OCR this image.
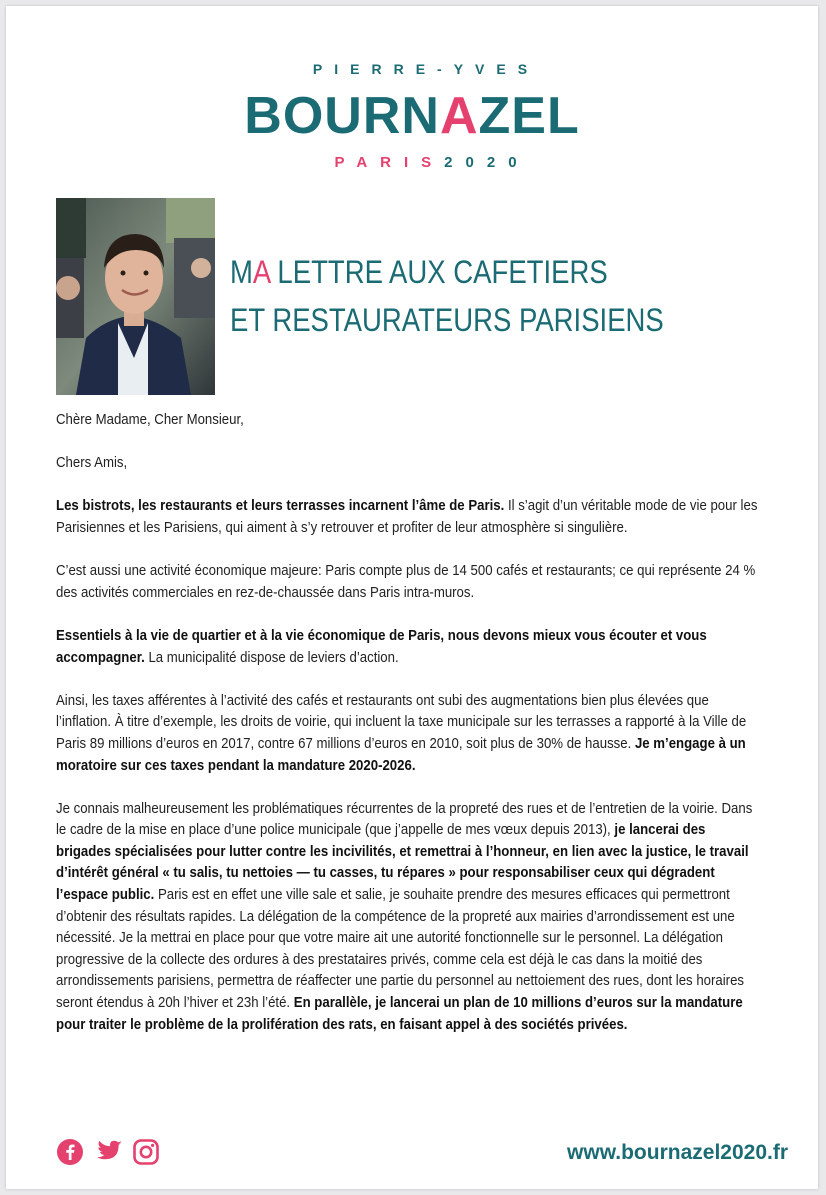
PIERRE-YVES
BOURNAZEL
PARIS2020
MA LETTRE AUX CAFETIERS
ET RESTAURATEURS PARISIENS

Chère Madame, Cher Monsieur,

Chers Amis,

Les bistrots, les restaurants et leurs terrasses incarnent l’âme de Paris. Il s’agit d’un véritable mode de vie pour les Parisiennes et les Parisiens, qui aiment à s’y retrouver et profiter de leur atmosphère si singulière.

C’est aussi une activité économique majeure: Paris compte plus de 14 500 cafés et restaurants; ce qui représente 24 % des activités commerciales en rez-de-chaussée dans Paris intra-muros.

Essentiels à la vie de quartier et à la vie économique de Paris, nous devons mieux vous écouter et vous accompagner. La municipalité dispose de leviers d’action.

Ainsi, les taxes afférentes à l’activité des cafés et restaurants ont subi des augmentations bien plus élevées que l’inflation. À titre d’exemple, les droits de voirie, qui incluent la taxe municipale sur les terrasses a rapporté à la Ville de Paris 89 millions d’euros en 2017, contre 67 millions d’euros en 2010, soit plus de 30% de hausse. Je m’engage à un moratoire sur ces taxes pendant la mandature 2020-2026.

Je connais malheureusement les problématiques récurrentes de la propreté des rues et de l’entretien de la voirie. Dans le cadre de la mise en place d’une police municipale (que j’appelle de mes vœux depuis 2013), je lancerai des brigades spécialisées pour lutter contre les incivilités, et remettrai à l’honneur, en lien avec la justice, le travail d’intérêt général « tu salis, tu nettoies — tu casses, tu répares » pour responsabiliser ceux qui dégradent l’espace public. Paris est en effet une ville sale et salie, je souhaite prendre des mesures efficaces qui permettront d’obtenir des résultats rapides. La délégation de la compétence de la propreté aux mairies d’arrondissement est une nécessité. Je la mettrai en place pour que votre maire ait une autorité fonctionnelle sur le personnel. La délégation progressive de la collecte des ordures à des prestataires privés, comme cela est déjà le cas dans la moitié des arrondissements parisiens, permettra de réaffecter une partie du personnel au nettoiement des rues, dont les horaires seront étendus à 20h l’hiver et 23h l’été. En parallèle, je lancerai un plan de 10 millions d’euros sur la mandature pour traiter le problème de la prolifération des rats, en faisant appel à des sociétés privées.

www.bournazel2020.fr
